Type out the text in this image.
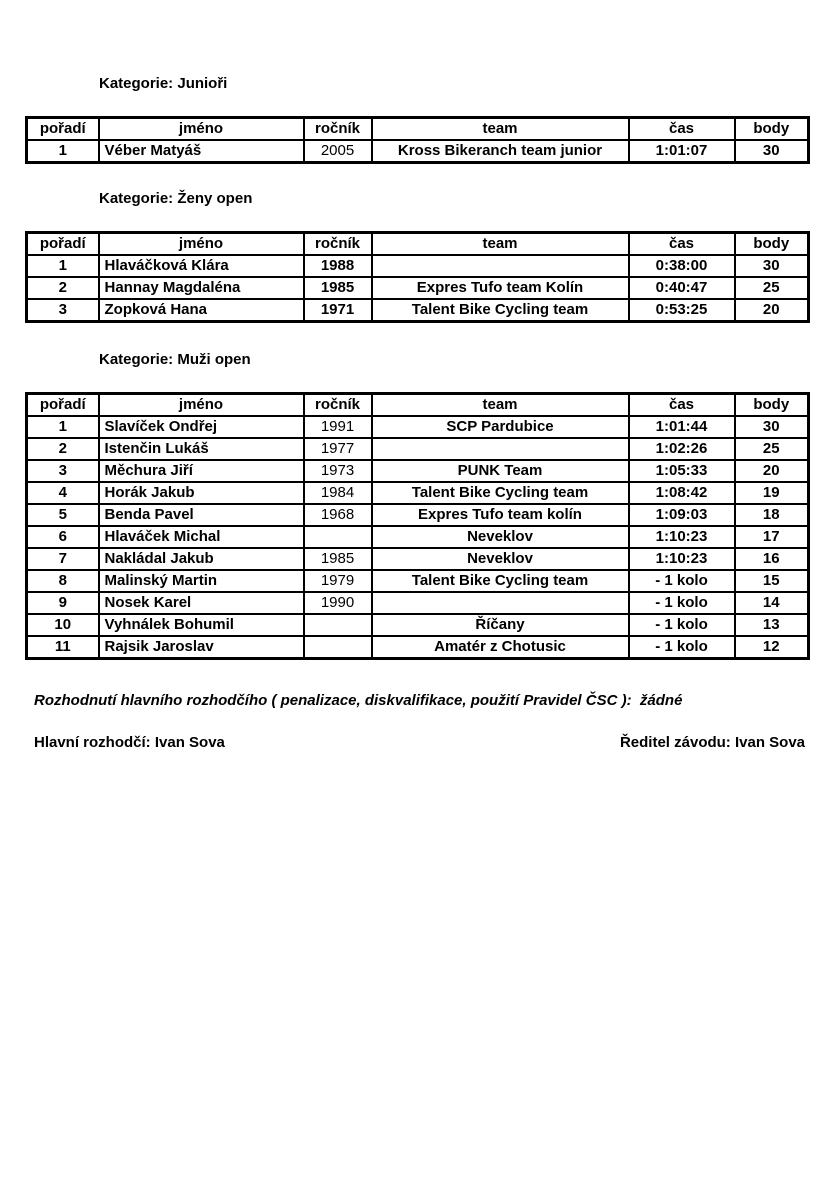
Kategorie: Junioři
pořadí	jméno	ročník	team	čas	body
1	Véber Matyáš	2005	Kross Bikeranch team junior	1:01:07	30
Kategorie: Ženy open
pořadí	jméno	ročník	team	čas	body
1	Hlaváčková Klára	1988		0:38:00	30
2	Hannay Magdaléna	1985	Expres Tufo team Kolín	0:40:47	25
3	Zopková Hana	1971	Talent Bike Cycling team	0:53:25	20
Kategorie: Muži open
pořadí	jméno	ročník	team	čas	body
1	Slavíček Ondřej	1991	SCP Pardubice	1:01:44	30
2	Istenčin Lukáš	1977		1:02:26	25
3	Měchura Jiří	1973	PUNK Team	1:05:33	20
4	Horák Jakub	1984	Talent Bike Cycling team	1:08:42	19
5	Benda Pavel	1968	Expres Tufo team kolín	1:09:03	18
6	Hlaváček Michal		Neveklov	1:10:23	17
7	Nakládal Jakub	1985	Neveklov	1:10:23	16
8	Malinský Martin	1979	Talent Bike Cycling team	- 1 kolo	15
9	Nosek Karel	1990		- 1 kolo	14
10	Vyhnálek Bohumil		Říčany	- 1 kolo	13
11	Rajsik Jaroslav		Amatér z Chotusic	- 1 kolo	12
Rozhodnutí hlavního rozhodčího ( penalizace, diskvalifikace, použití Pravidel ČSC ):  žádné
Hlavní rozhodčí: Ivan Sova	Ředitel závodu: Ivan Sova
